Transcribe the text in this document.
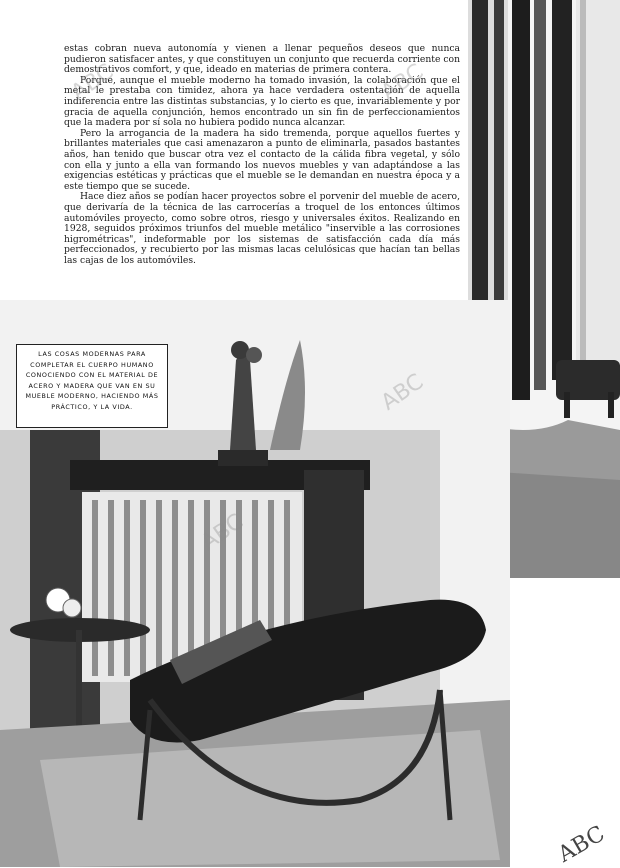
estas cobran nueva autonomía y vienen a llenar pequeños deseos que nunca pudieron satisfacer antes, y que constituyen un conjunto que recuerda corriente con demostrativos comfort, y que, ideado en materias de primera contera.

Porque, aunque el mueble moderno ha tomado invasión, la colaboración que el metal le prestaba con timidez, ahora ya hace verdadera ostentación de aquella indiferencia entre las distintas substancias, y lo cierto es que, invariablemente y por gracia de aquella conjunción, hemos encontrado un sin fin de perfeccionamientos que la madera por sí sola no hubiera podido nunca alcanzar.

Pero la arrogancia de la madera ha sido tremenda, porque aquellos fuertes y brillantes materiales que casi amenazaron a punto de eliminarla, pasados bastantes años, han tenido que buscar otra vez el contacto de la cálida fibra vegetal, y sólo con ella y junto a ella van formando los nuevos muebles y van adaptándose a las exigencias estéticas y prácticas que el mueble se le demandan en nuestra época y a este tiempo que se sucede.

Hace diez años se podían hacer proyectos sobre el porvenir del mueble de acero, que derivaría de la técnica de las carrocerías a troquel de los entonces últimos automóviles proyecto, como sobre otros, riesgo y universales éxitos. Realizando en 1928, seguidos próximos triunfos del mueble metálico "inservible a las corrosiones higrométricas", indeformable por los sistemas de satisfacción cada día más perfeccionados, y recubierto por las mismas lacas celulósicas que hacían tan bellas las cajas de los automóviles.

LAS COSAS MODERNAS PARA COMPLETAR EL CUERPO HUMANO CONOCIENDO CON EL MATERIAL DE ACERO Y MADERA QUE VAN EN SU MUEBLE MODERNO, HACIENDO MÁS PRÁCTICO, Y LA VIDA.
ABC	ABC
ABC
ABC
ABC
